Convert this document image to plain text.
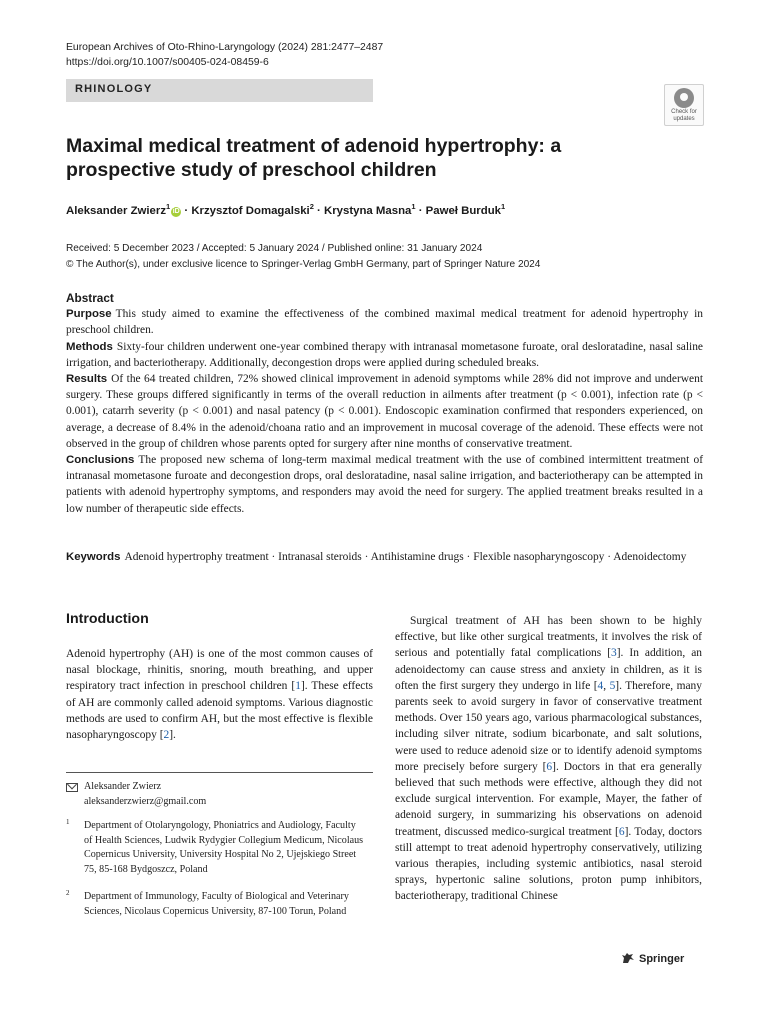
European Archives of Oto-Rhino-Laryngology (2024) 281:2477–2487
https://doi.org/10.1007/s00405-024-08459-6
RHINOLOGY
Check for
updates
Maximal medical treatment of adenoid hypertrophy: a prospective study of preschool children
Aleksander Zwierz$^1$iD · Krzysztof Domagalski$^2$ · Krystyna Masna$^1$ · Paweł Burduk$^1$
Received: 5 December 2023 / Accepted: 5 January 2024 / Published online: 31 January 2024
© The Author(s), under exclusive licence to Springer-Verlag GmbH Germany, part of Springer Nature 2024
Abstract

Purpose This study aimed to examine the effectiveness of the combined maximal medical treatment for adenoid hypertrophy in preschool children.

Methods Sixty-four children underwent one-year combined therapy with intranasal mometasone furoate, oral desloratadine, nasal saline irrigation, and bacteriotherapy. Additionally, decongestion drops were applied during scheduled breaks.

Results Of the 64 treated children, 72% showed clinical improvement in adenoid symptoms while 28% did not improve and underwent surgery. These groups differed significantly in terms of the overall reduction in ailments after treatment (p < 0.001), infection rate (p < 0.001), catarrh severity (p < 0.001) and nasal patency (p < 0.001). Endoscopic examination confirmed that responders experienced, on average, a decrease of 8.4% in the adenoid/choana ratio and an improvement in mucosal coverage of the adenoid. These effects were not observed in the group of children whose parents opted for surgery after nine months of conservative treatment.

Conclusions The proposed new schema of long-term maximal medical treatment with the use of combined intermittent treatment of intranasal mometasone furoate and decongestion drops, oral desloratadine, nasal saline irrigation, and bacteriotherapy can be attempted in patients with adenoid hypertrophy symptoms, and responders may avoid the need for surgery. The applied treatment breaks resulted in a low number of therapeutic side effects.

Keywords Adenoid hypertrophy treatment · Intranasal steroids · Antihistamine drugs · Flexible nasopharyngoscopy · Adenoidectomy
Introduction
Adenoid hypertrophy (AH) is one of the most common causes of nasal blockage, rhinitis, snoring, mouth breathing, and upper respiratory tract infection in preschool children [1]. These effects of AH are commonly called adenoid symptoms. Various diagnostic methods are used to confirm AH, but the most effective is flexible nasopharyngoscopy [2].
Surgical treatment of AH has been shown to be highly effective, but like other surgical treatments, it involves the risk of serious and potentially fatal complications [3]. In addition, an adenoidectomy can cause stress and anxiety in children, as it is often the first surgery they undergo in life [4, 5]. Therefore, many parents seek to avoid surgery in favor of conservative treatment methods. Over 150 years ago, various pharmacological substances, including silver nitrate, sodium bicarbonate, and salt solutions, were used to reduce adenoid size or to identify adenoid symptoms more precisely before surgery [6]. Doctors in that era generally believed that such methods were effective, although they did not exclude surgical intervention. For example, Mayer, the father of adenoid surgery, in summarizing his observations on adenoid treatment, discussed medico-surgical treatment [6]. Today, doctors still attempt to treat adenoid hypertrophy conservatively, utilizing various therapies, including systemic antibiotics, nasal steroid sprays, hypertonic saline solutions, proton pump inhibitors, bacteriotherapy, traditional Chinese
Aleksander Zwierz
aleksanderzwierz@gmail.com
1 Department of Otolaryngology, Phoniatrics and Audiology, Faculty of Health Sciences, Ludwik Rydygier Collegium Medicum, Nicolaus Copernicus University, University Hospital No 2, Ujejskiego Street 75, 85-168 Bydgoszcz, Poland
2 Department of Immunology, Faculty of Biological and Veterinary Sciences, Nicolaus Copernicus University, 87-100 Torun, Poland
Springer
